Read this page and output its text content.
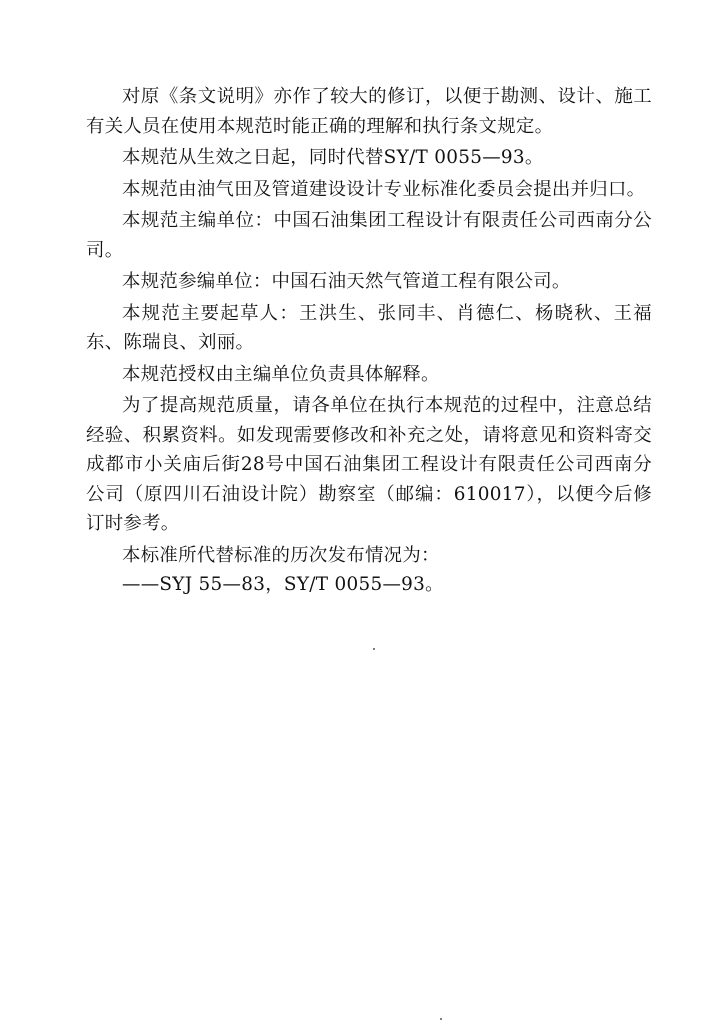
对原《条文说明》亦作了较大的修订，以便于勘测、设计、施工有关人员在使用本规范时能正确的理解和执行条文规定。

本规范从生效之日起，同时代替SY/T 0055—93。

本规范由油气田及管道建设设计专业标准化委员会提出并归口。

本规范主编单位：中国石油集团工程设计有限责任公司西南分公司。

本规范参编单位：中国石油天然气管道工程有限公司。

本规范主要起草人：王洪生、张同丰、肖德仁、杨晓秋、王福东、陈瑞良、刘丽。

本规范授权由主编单位负责具体解释。

为了提高规范质量，请各单位在执行本规范的过程中，注意总结经验、积累资料。如发现需要修改和补充之处，请将意见和资料寄交成都市小关庙后街28号中国石油集团工程设计有限责任公司西南分公司（原四川石油设计院）勘察室（邮编：610017），以便今后修订时参考。

本标准所代替标准的历次发布情况为：

——SYJ 55—83，SY/T 0055—93。
